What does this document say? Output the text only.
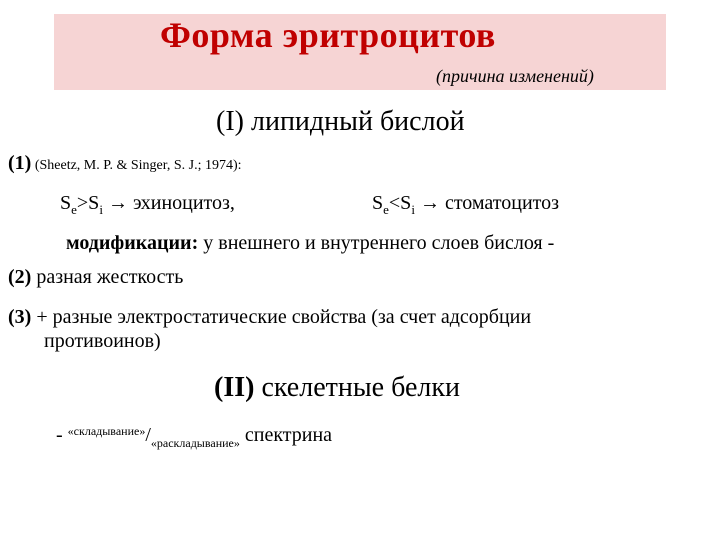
Форма эритроцитов
(причина изменений)
(I) липидный бислой
(1) (Sheetz, M. P. & Singer, S. J.; 1974):
$S_e>S_i$ → эхиноцитоз,	$S_e<S_i$ → стоматоцитоз
модификации: у внешнего и внутреннего слоев бислоя -
(2) разная жесткость
(3) + разные электростатические свойства (за счет адсорбции
противоинов)
(II) скелетные белки
- $^{«складывание»}/_{«раскладывание»}$ спектрина
